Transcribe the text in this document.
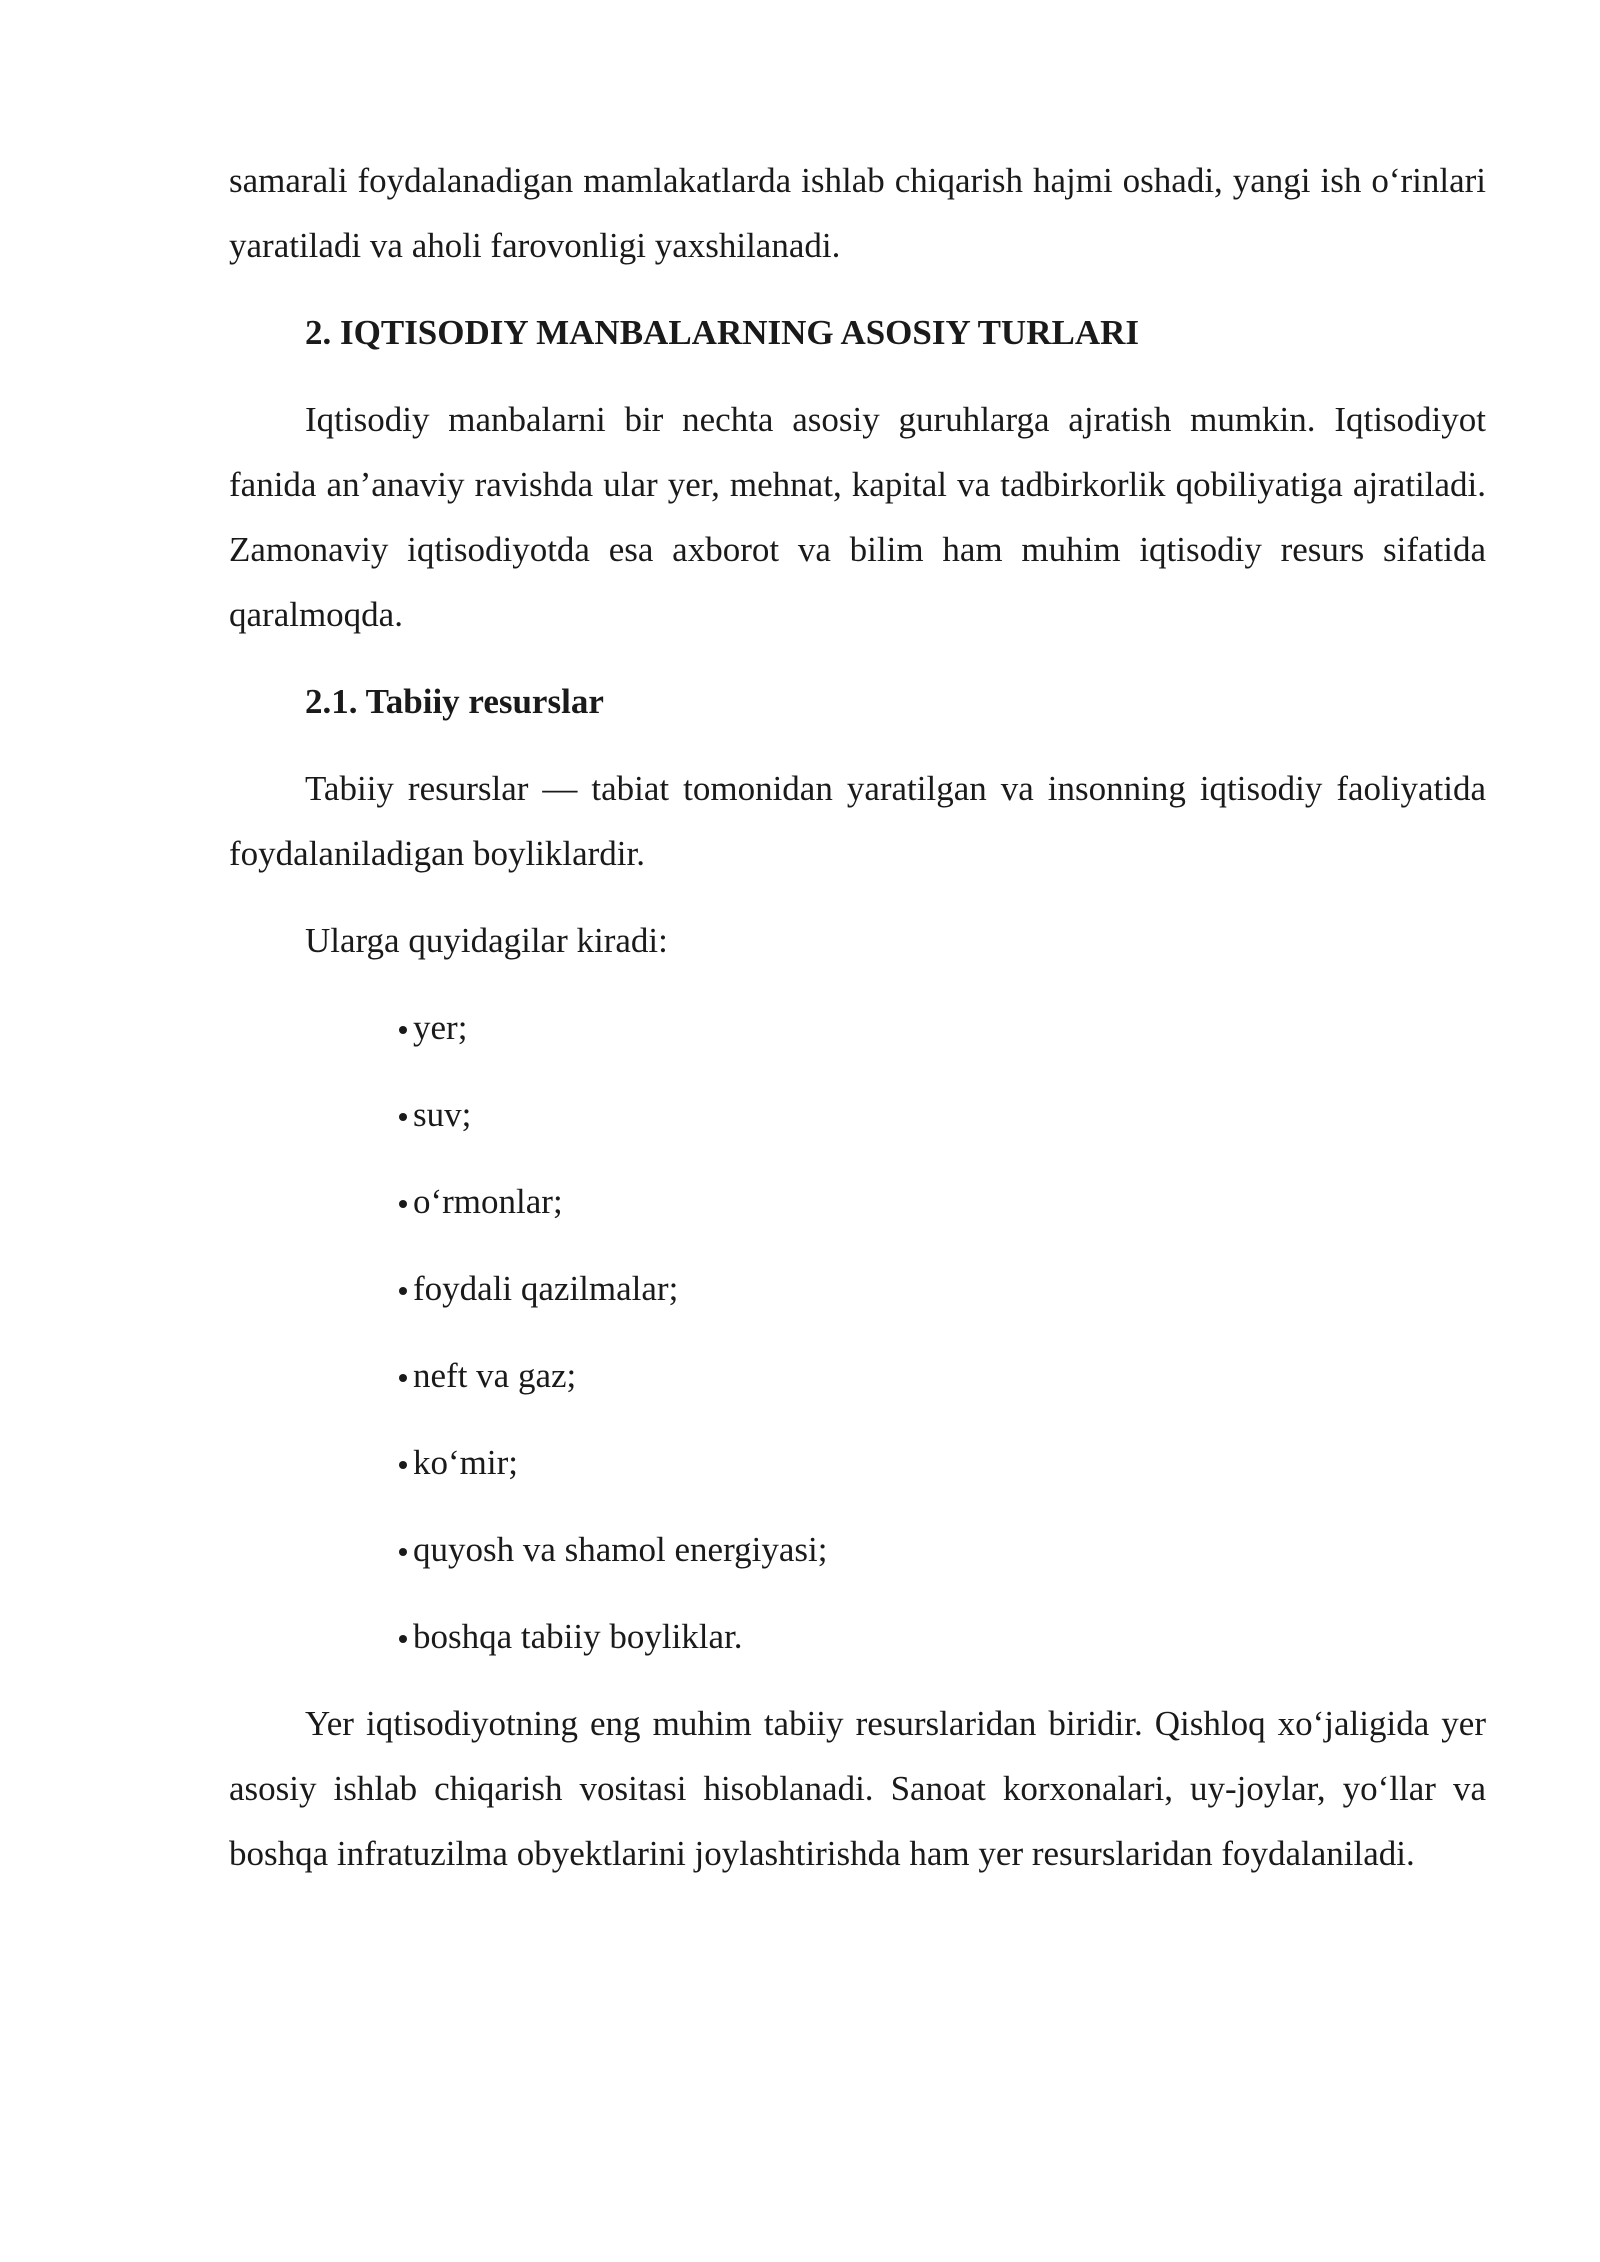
samarali foydalanadigan mamlakatlarda ishlab chiqarish hajmi oshadi, yangi ish o‘rinlari yaratiladi va aholi farovonligi yaxshilanadi.

2. IQTISODIY MANBALARNING ASOSIY TURLARI

Iqtisodiy manbalarni bir nechta asosiy guruhlarga ajratish mumkin. Iqtisodiyot fanida an’anaviy ravishda ular yer, mehnat, kapital va tadbirkorlik qobiliyatiga ajratiladi. Zamonaviy iqtisodiyotda esa axborot va bilim ham muhim iqtisodiy resurs sifatida qaralmoqda.

2.1. Tabiiy resurslar

Tabiiy resurslar — tabiat tomonidan yaratilgan va insonning iqtisodiy faoliyatida foydalaniladigan boyliklardir.

Ularga quyidagilar kiradi:

yer;
suv;
o‘rmonlar;
foydali qazilmalar;
neft va gaz;
ko‘mir;
quyosh va shamol energiyasi;
boshqa tabiiy boyliklar.

Yer iqtisodiyotning eng muhim tabiiy resurslaridan biridir. Qishloq xo‘jaligida yer asosiy ishlab chiqarish vositasi hisoblanadi. Sanoat korxonalari, uy-joylar, yo‘llar va boshqa infratuzilma obyektlarini joylashtirishda ham yer resurslaridan foydalaniladi.
